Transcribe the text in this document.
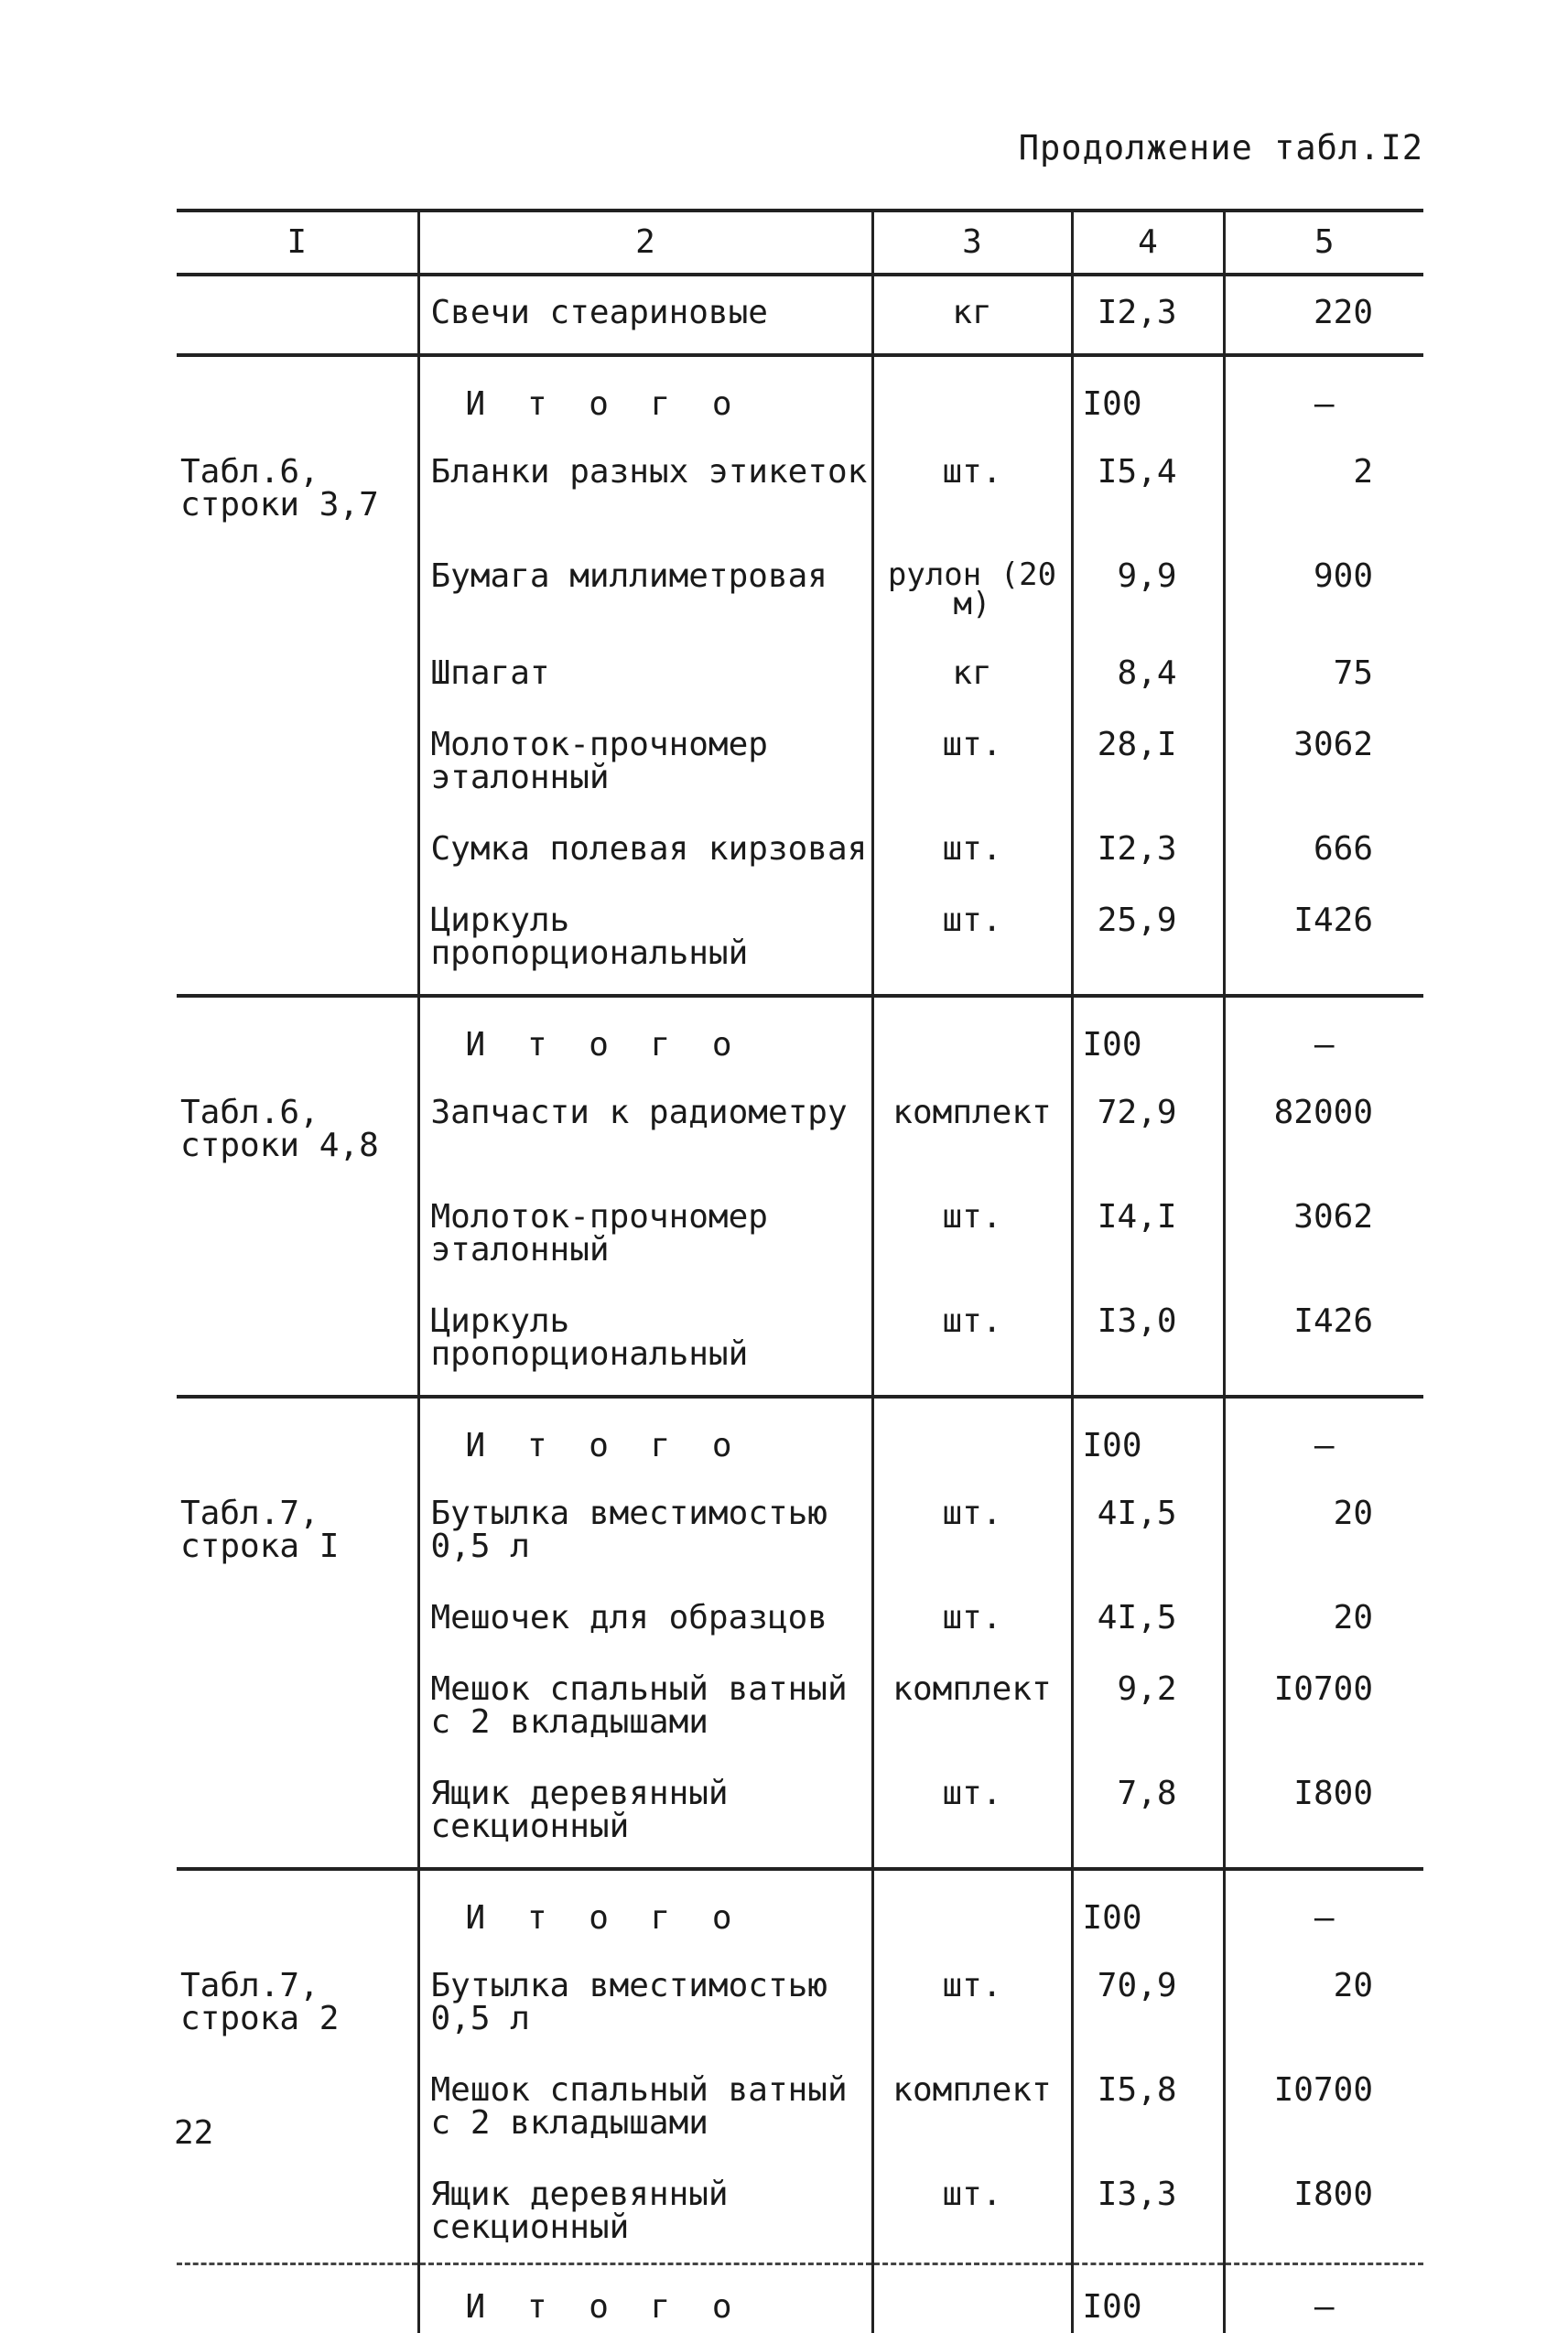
Продолжение табл.I2
I	2	3	4	5
	Свечи стеариновые	кг	I2,3	220
	И т о г о		I00	–
Табл.6, строки 3,7	Бланки разных этикеток	шт.	I5,4	2
	Бумага миллиметровая	рулон (20 м)	9,9	900
	Шпагат	кг	8,4	75
	Молоток-прочномер эталонный	шт.	28,I	3062
	Сумка полевая кирзовая	шт.	I2,3	666
	Циркуль пропорциональный	шт.	25,9	I426
	И т о г о		I00	–
Табл.6, строки 4,8	Запчасти к радиометру	комплект	72,9	82000
	Молоток-прочномер эталонный	шт.	I4,I	3062
	Циркуль пропорциональный	шт.	I3,0	I426
	И т о г о		I00	–
Табл.7, строка I	Бутылка вместимостью 0,5 л	шт.	4I,5	20
	Мешочек для образцов	шт.	4I,5	20
	Мешок спальный ватный с 2 вкладышами	комплект	9,2	I0700
	Ящик деревянный секционный	шт.	7,8	I800
	И т о г о		I00	–
Табл.7, строка 2	Бутылка вместимостью 0,5 л	шт.	70,9	20
	Мешок спальный ватный с 2 вкладышами	комплект	I5,8	I0700
	Ящик деревянный секционный	шт.	I3,3	I800
	И т о г о		I00	–
22
